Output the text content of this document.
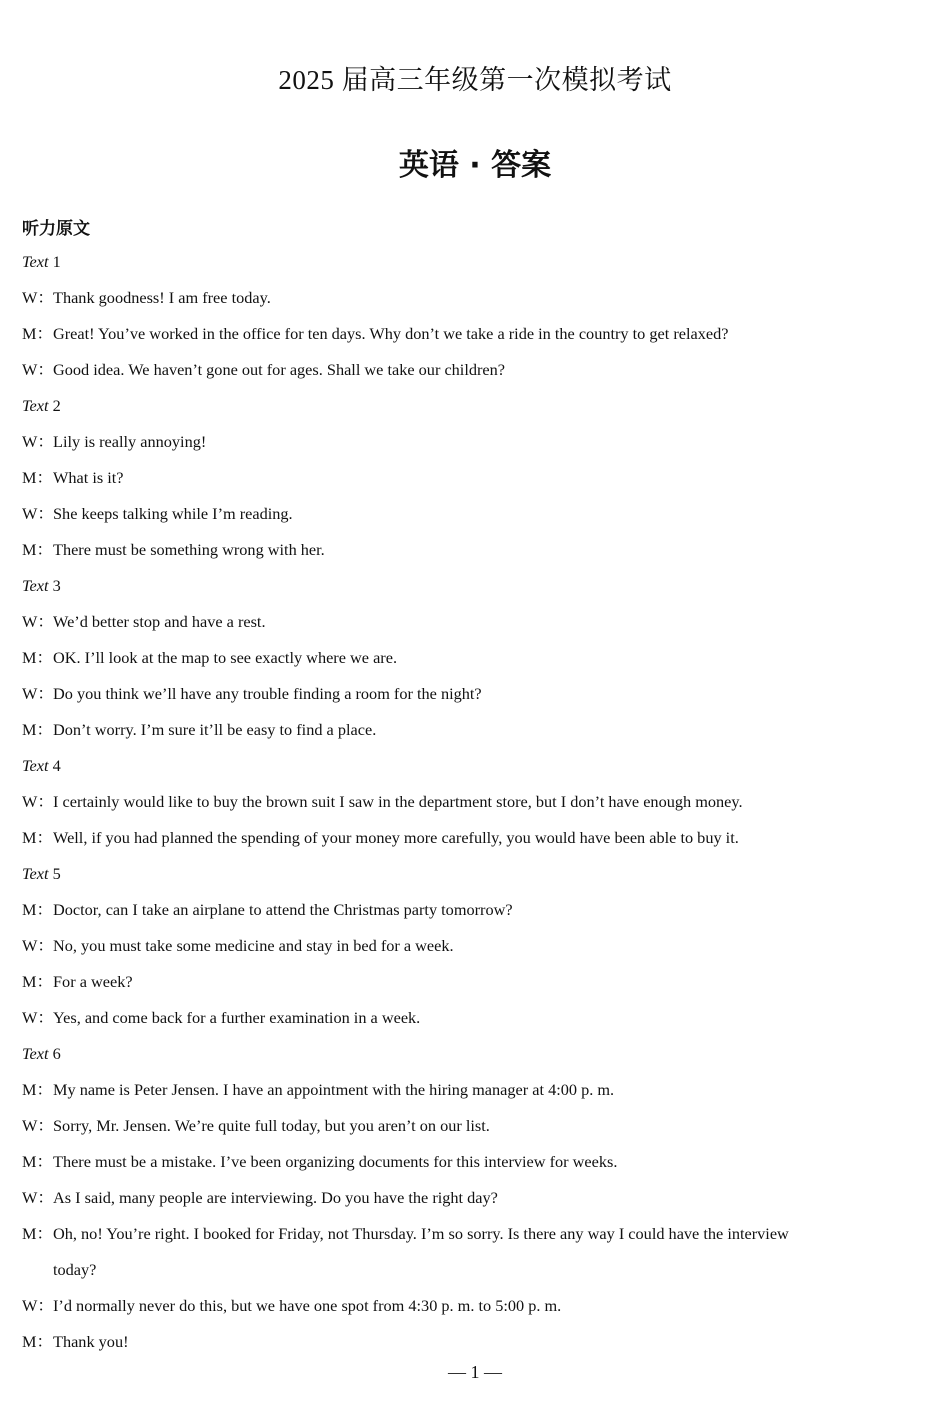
2025 届高三年级第一次模拟考试
英语 · 答案
听力原文
Text 1
W：Thank goodness! I am free today.
M：Great! You’ve worked in the office for ten days. Why don’t we take a ride in the country to get relaxed?
W：Good idea. We haven’t gone out for ages. Shall we take our children?
Text 2
W：Lily is really annoying!
M：What is it?
W：She keeps talking while I’m reading.
M：There must be something wrong with her.
Text 3
W：We’d better stop and have a rest.
M：OK. I’ll look at the map to see exactly where we are.
W：Do you think we’ll have any trouble finding a room for the night?
M：Don’t worry. I’m sure it’ll be easy to find a place.
Text 4
W：I certainly would like to buy the brown suit I saw in the department store, but I don’t have enough money.
M：Well, if you had planned the spending of your money more carefully, you would have been able to buy it.
Text 5
M：Doctor, can I take an airplane to attend the Christmas party tomorrow?
W：No, you must take some medicine and stay in bed for a week.
M：For a week?
W：Yes, and come back for a further examination in a week.
Text 6
M：My name is Peter Jensen. I have an appointment with the hiring manager at 4:00 p. m.
W：Sorry, Mr. Jensen. We’re quite full today, but you aren’t on our list.
M：There must be a mistake. I’ve been organizing documents for this interview for weeks.
W：As I said, many people are interviewing. Do you have the right day?
M：Oh, no! You’re right. I booked for Friday, not Thursday. I’m so sorry. Is there any way I could have the interview
today?
W：I’d normally never do this, but we have one spot from 4:30 p. m. to 5:00 p. m.
M：Thank you!
— 1 —
